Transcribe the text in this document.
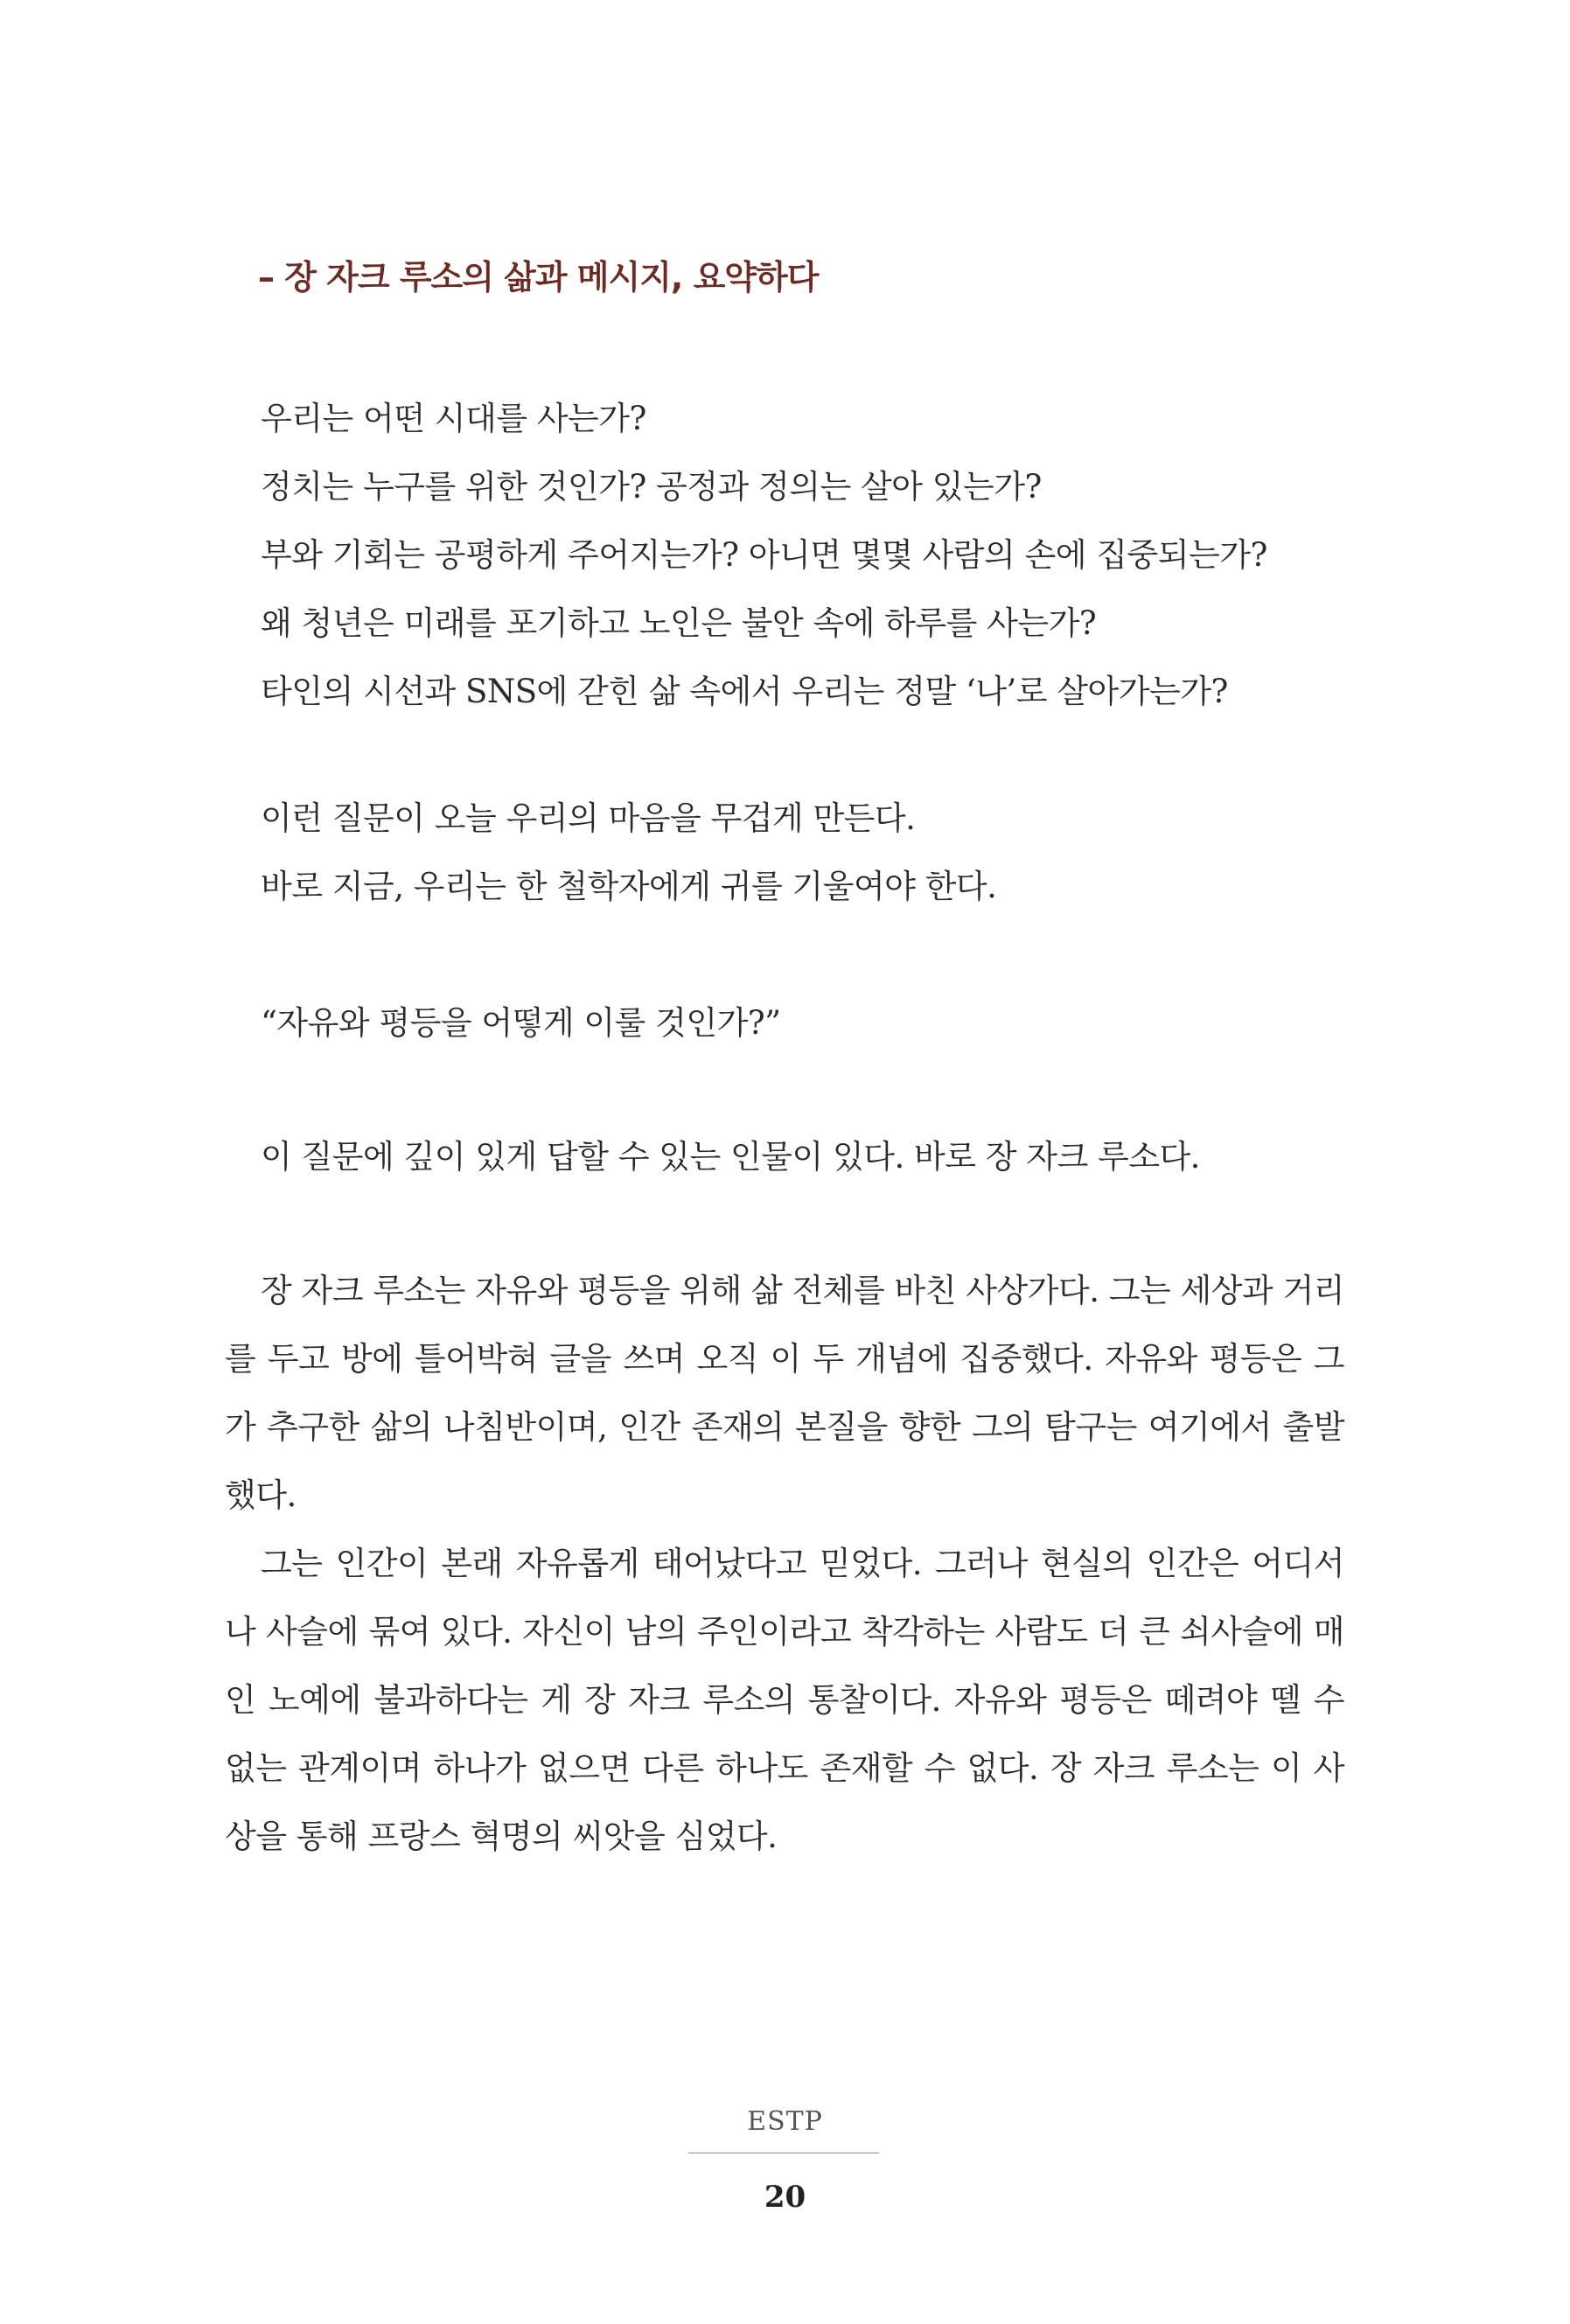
– 장 자크 루소의 삶과 메시지, 요약하다
우리는 어떤 시대를 사는가?
정치는 누구를 위한 것인가? 공정과 정의는 살아 있는가?
부와 기회는 공평하게 주어지는가? 아니면 몇몇 사람의 손에 집중되는가?
왜 청년은 미래를 포기하고 노인은 불안 속에 하루를 사는가?
타인의 시선과 SNS에 갇힌 삶 속에서 우리는 정말 ‘나’로 살아가는가?
이런 질문이 오늘 우리의 마음을 무겁게 만든다.
바로 지금, 우리는 한 철학자에게 귀를 기울여야 한다.
“자유와 평등을 어떻게 이룰 것인가?”
이 질문에 깊이 있게 답할 수 있는 인물이 있다. 바로 장 자크 루소다.

장 자크 루소는 자유와 평등을 위해 삶 전체를 바친 사상가다. 그는 세상과 거리를 두고 방에 틀어박혀 글을 쓰며 오직 이 두 개념에 집중했다. 자유와 평등은 그가 추구한 삶의 나침반이며, 인간 존재의 본질을 향한 그의 탐구는 여기에서 출발했다.

그는 인간이 본래 자유롭게 태어났다고 믿었다. 그러나 현실의 인간은 어디서나 사슬에 묶여 있다. 자신이 남의 주인이라고 착각하는 사람도 더 큰 쇠사슬에 매인 노예에 불과하다는 게 장 자크 루소의 통찰이다. 자유와 평등은 떼려야 뗄 수 없는 관계이며 하나가 없으면 다른 하나도 존재할 수 없다. 장 자크 루소는 이 사상을 통해 프랑스 혁명의 씨앗을 심었다.

ESTP
20
